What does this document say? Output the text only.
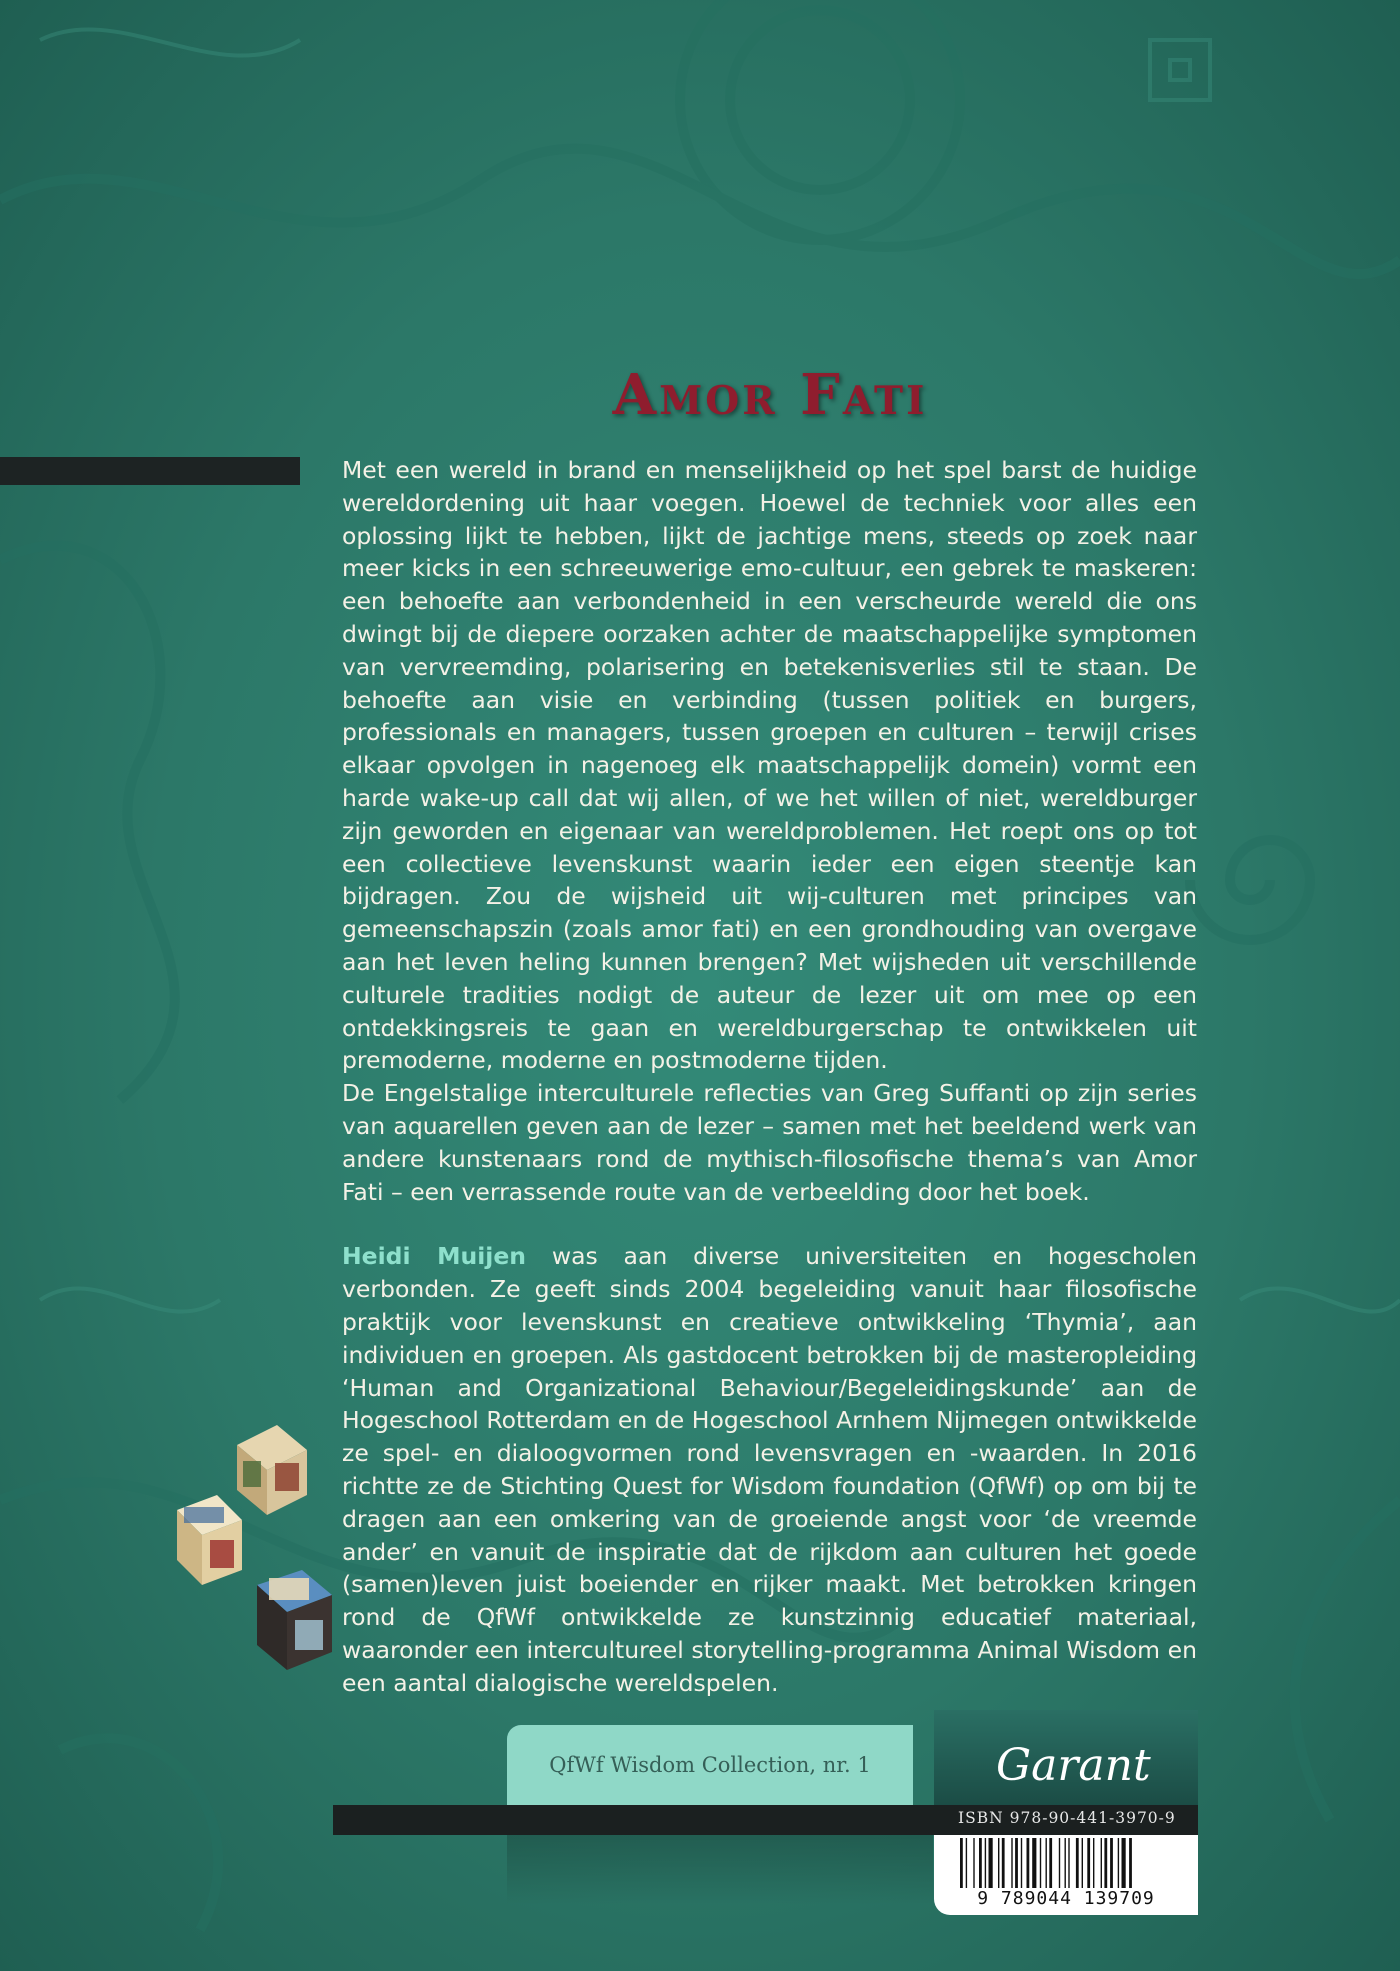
Amor Fati

Met een wereld in brand en menselijkheid op het spel barst de huidige wereldordening uit haar voegen. Hoewel de techniek voor alles een oplossing lijkt te hebben, lijkt de jachtige mens, steeds op zoek naar meer kicks in een schreeuwerige emo-cultuur, een gebrek te maskeren: een behoefte aan verbondenheid in een verscheurde wereld die ons dwingt bij de diepere oorzaken achter de maatschappelijke symptomen van vervreemding, polarisering en betekenisverlies stil te staan. De behoefte aan visie en verbinding (tussen politiek en burgers, professionals en managers, tussen groepen en culturen – terwijl crises elkaar opvolgen in nagenoeg elk maatschappelijk domein) vormt een harde wake-up call dat wij allen, of we het willen of niet, wereldburger zijn geworden en eigenaar van wereldproblemen. Het roept ons op tot een collectieve levenskunst waarin ieder een eigen steentje kan bijdragen. Zou de wijsheid uit wij-culturen met principes van gemeenschapszin (zoals amor fati) en een grondhouding van overgave aan het leven heling kunnen brengen? Met wijsheden uit verschillende culturele tradities nodigt de auteur de lezer uit om mee op een ontdekkingsreis te gaan en wereldburgerschap te ontwikkelen uit premoderne, moderne en postmoderne tijden.

De Engelstalige interculturele reflecties van Greg Suffanti op zijn series van aquarellen geven aan de lezer – samen met het beeldend werk van andere kunstenaars rond de mythisch-filosofische thema’s van Amor Fati – een verrassende route van de verbeelding door het boek.

Heidi Muijen was aan diverse universiteiten en hogescholen verbonden. Ze geeft sinds 2004 begeleiding vanuit haar filosofische praktijk voor levenskunst en creatieve ontwikkeling ‘Thymia’, aan individuen en groepen. Als gastdocent betrokken bij de masteropleiding ‘Human and Organizational Behaviour/Begeleidingskunde’ aan de Hogeschool Rotterdam en de Hogeschool Arnhem Nijmegen ontwikkelde ze spel- en dialoogvormen rond levensvragen en -waarden. In 2016 richtte ze de Stichting Quest for Wisdom foundation (QfWf) op om bij te dragen aan een omkering van de groeiende angst voor ‘de vreemde ander’ en vanuit de inspiratie dat de rijkdom aan culturen het goede (samen)leven juist boeiender en rijker maakt. Met betrokken kringen rond de QfWf ontwikkelde ze kunstzinnig educatief materiaal, waaronder een intercultureel storytelling-programma Animal Wisdom en een aantal dialogische wereldspelen.

QfWf Wisdom Collection, nr. 1	Garant
ISBN 978-90-441-3970-9
9 789044 139709
